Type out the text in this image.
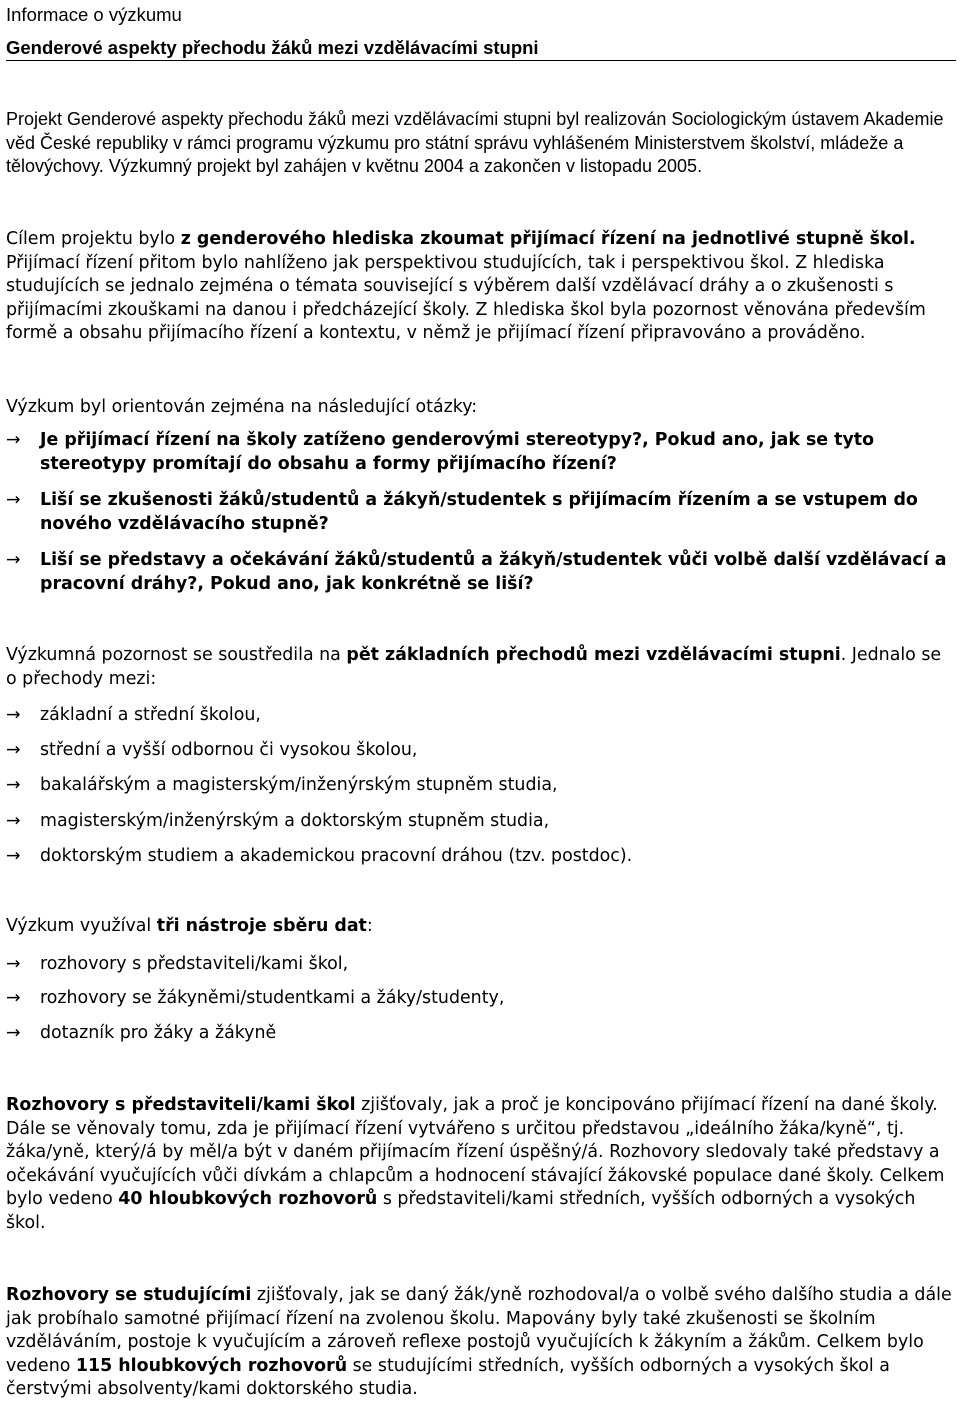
Informace o výzkumu
Genderové aspekty přechodu žáků mezi vzdělávacími stupni

Projekt Genderové aspekty přechodu žáků mezi vzdělávacími stupni byl realizován Sociologickým ústavem Akademie věd České republiky v rámci programu výzkumu pro státní správu vyhlášeném Ministerstvem školství, mládeže a tělovýchovy. Výzkumný projekt byl zahájen v květnu 2004 a zakončen v listopadu 2005.

Cílem projektu bylo z genderového hlediska zkoumat přijímací řízení na jednotlivé stupně škol. Přijímací řízení přitom bylo nahlíženo jak perspektivou studujících, tak i perspektivou škol. Z hlediska studujících se jednalo zejména o témata související s výběrem další vzdělávací dráhy a o zkušenosti s přijímacími zkouškami na danou i předcházející školy. Z hlediska škol byla pozornost věnována především formě a obsahu přijímacího řízení a kontextu, v němž je přijímací řízení připravováno a prováděno.

Výzkum byl orientován zejména na následující otázky:

→ Je přijímací řízení na školy zatíženo genderovými stereotypy?, Pokud ano, jak se tyto stereotypy promítají do obsahu a formy přijímacího řízení?
→ Liší se zkušenosti žáků/studentů a žákyň/studentek s přijímacím řízením a se vstupem do nového vzdělávacího stupně?
→ Liší se představy a očekávání žáků/studentů a žákyň/studentek vůči volbě další vzdělávací a pracovní dráhy?, Pokud ano, jak konkrétně se liší?

Výzkumná pozornost se soustředila na pět základních přechodů mezi vzdělávacími stupni. Jednalo se o přechody mezi:

→ základní a střední školou,
→ střední a vyšší odbornou či vysokou školou,
→ bakalářským a magisterským/inženýrským stupněm studia,
→ magisterským/inženýrským a doktorským stupněm studia,
→ doktorským studiem a akademickou pracovní dráhou (tzv. postdoc).

Výzkum využíval tři nástroje sběru dat:

→ rozhovory s představiteli/kami škol,
→ rozhovory se žákyněmi/studentkami a žáky/studenty,
→ dotazník pro žáky a žákyně

Rozhovory s představiteli/kami škol zjišťovaly, jak a proč je koncipováno přijímací řízení na dané školy. Dále se věnovaly tomu, zda je přijímací řízení vytvářeno s určitou představou „ideálního žáka/kyně“, tj. žáka/yně, který/á by měl/a být v daném přijímacím řízení úspěšný/á. Rozhovory sledovaly také představy a očekávání vyučujících vůči dívkám a chlapcům a hodnocení stávající žákovské populace dané školy. Celkem bylo vedeno 40 hloubkových rozhovorů s představiteli/kami středních, vyšších odborných a vysokých škol.

Rozhovory se studujícími zjišťovaly, jak se daný žák/yně rozhodoval/a o volbě svého dalšího studia a dále jak probíhalo samotné přijímací řízení na zvolenou školu. Mapovány byly také zkušenosti se školním vzděláváním, postoje k vyučujícím a zároveň reflexe postojů vyučujících k žákyním a žákům. Celkem bylo vedeno 115 hloubkových rozhovorů se studujícími středních, vyšších odborných a vysokých škol a čerstvými absolventy/kami doktorského studia.
